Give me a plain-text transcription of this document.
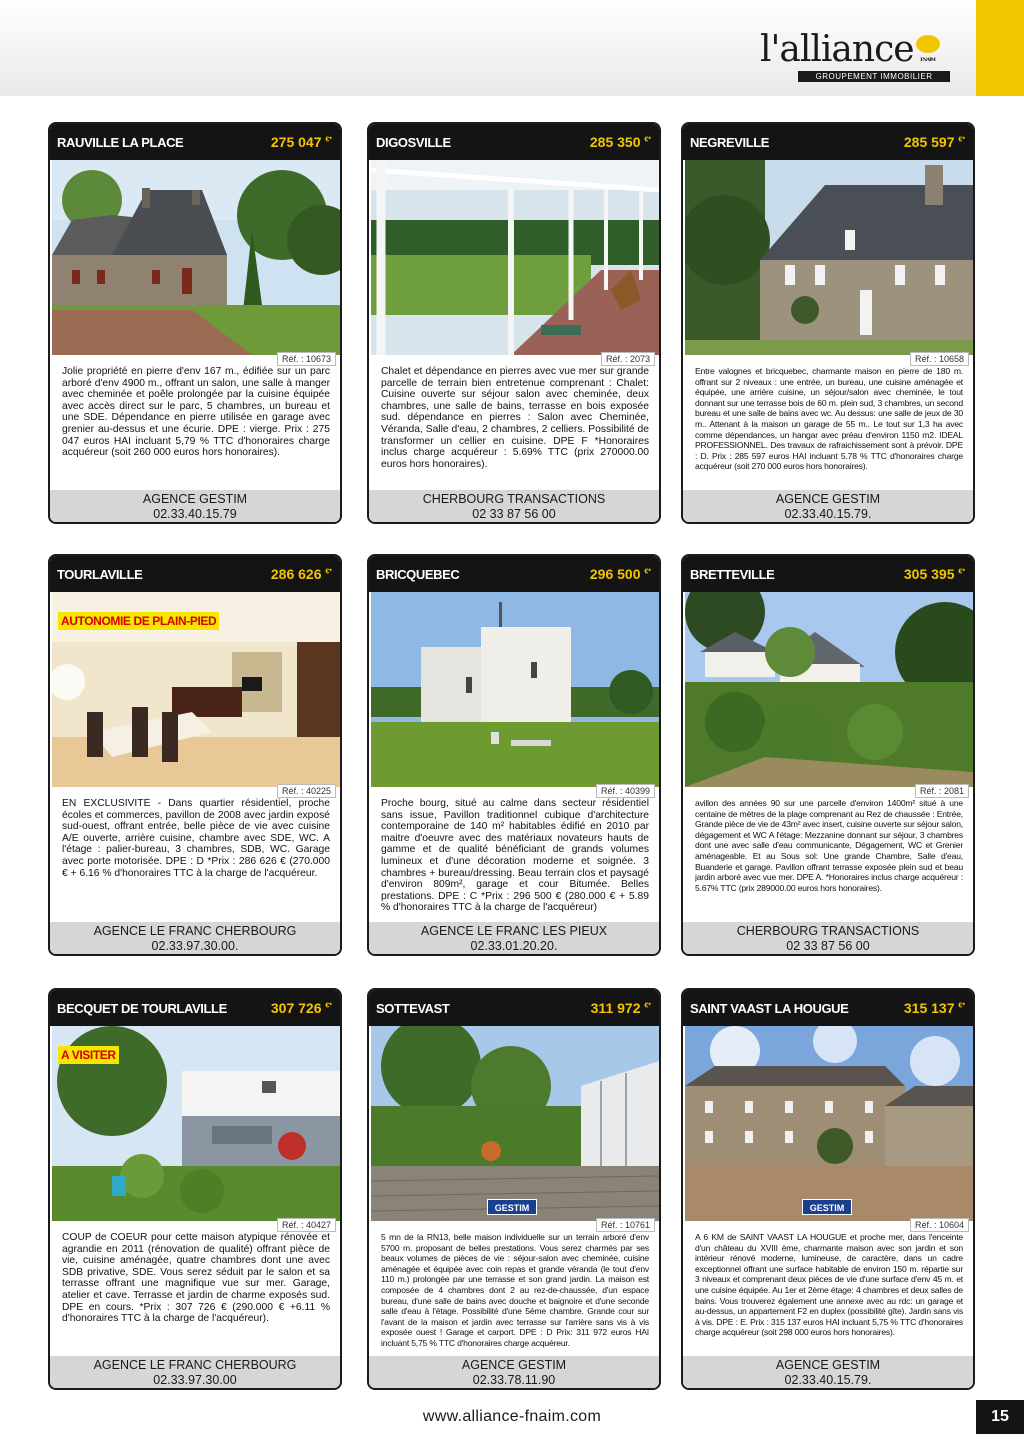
l'alliance	FNAIM
GROUPEMENT IMMOBILIER
RAUVILLE LA PLACE	275 047 €*
Réf. : 10673
Jolie propriété en pierre d'env 167 m., édifiée sur un parc arboré d'env 4900 m., offrant un salon, une salle à manger avec cheminée et poêle prolongée par la cuisine équipée avec accès direct sur le parc, 5 chambres, un bureau et une SDE. Dépendance en pierre utilisée en garage avec grenier au-dessus et une écurie. DPE : vierge. Prix : 275 047 euros HAI incluant 5,79 % TTC d'honoraires charge acquéreur (soit 260 000 euros hors honoraires).
AGENCE GESTIM
02.33.40.15.79
DIGOSVILLE	285 350 €*
Réf. : 2073
Chalet et dépendance en pierres avec vue mer sur grande parcelle de terrain bien entretenue comprenant : Chalet: Cuisine ouverte sur séjour salon avec cheminée, deux chambres, une salle de bains, terrasse en bois exposée sud. dépendance en pierres : Salon avec Cheminée, Véranda, Salle d'eau, 2 chambres, 2 celliers. Possibilité de transformer un cellier en cuisine. DPE F *Honoraires inclus charge acquéreur : 5.69% TTC (prix 270000.00 euros hors honoraires).
CHERBOURG TRANSACTIONS
02 33 87 56 00
NEGREVILLE	285 597 €*
Réf. : 10658
Entre valognes et bricquebec, charmante maison en pierre de 180 m. offrant sur 2 niveaux : une entrée, un bureau, une cuisine aménagée et équipée, une arrière cuisine, un séjour/salon avec cheminée, le tout donnant sur une terrasse bois de 60 m. plein sud, 3 chambres, un second bureau et une salle de bains avec wc. Au dessus: une salle de jeux de 30 m.. Attenant à la maison un garage de 55 m.. Le tout sur 1,3 ha avec comme dépendances, un hangar avec préau d'environ 1150 m2. IDEAL PROFESSIONNEL. Des travaux de rafraichissement sont à prévoir. DPE : D. Prix : 285 597 euros HAI incluant 5.78 % TTC d'honoraires charge acquéreur (soit 270 000 euros hors honoraires).
AGENCE GESTIM
02.33.40.15.79.
TOURLAVILLE	286 626 €*
AUTONOMIE DE PLAIN-PIED
Réf. : 40225
EN EXCLUSIVITÉ - Dans quartier résidentiel, proche écoles et commerces, pavillon de 2008 avec jardin exposé sud-ouest, offrant entrée, belle pièce de vie avec cuisine A/E ouverte, arrière cuisine, chambre avec SDE, WC. A l'étage : palier-bureau, 3 chambres, SDB, WC. Garage avec porte motorisée. DPE : D *Prix : 286 626 € (270.000 € + 6.16 % d'honoraires TTC à la charge de l'acquéreur.
AGENCE LE FRANC CHERBOURG
02.33.97.30.00.
BRICQUEBEC	296 500 €*
Réf. : 40399
Proche bourg, situé au calme dans secteur résidentiel sans issue, Pavillon traditionnel cubique d'architecture contemporaine de 140 m² habitables édifié en 2010 par maitre d'oeuvre avec des matériaux novateurs hauts de gamme et de qualité bénéficiant de grands volumes lumineux et d'une décoration moderne et soignée. 3 chambres + bureau/dressing. Beau terrain clos et paysagé d'environ 809m², garage et cour Bitumée. Belles prestations. DPE : C *Prix : 296 500 € (280.000 € + 5.89 % d'honoraires TTC à la charge de l'acquéreur)
AGENCE LE FRANC LES PIEUX
02.33.01.20.20.
BRETTEVILLE	305 395 €*
Réf. : 2081
avillon des années 90 sur une parcelle d'environ 1400m² situé à une centaine de mètres de la plage comprenant au Rez de chaussée : Entrée, Grande pièce de vie de 43m² avec insert, cuisine ouverte sur séjour salon, dégagement et WC A l'étage: Mezzanine donnant sur séjour, 3 chambres dont une avec salle d'eau communicante, Dégagement, WC et Grenier aménageable. Et au Sous sol: Une grande Chambre, Salle d'eau, Buanderie et garage. Pavillon offrant terrasse exposée plein sud et beau jardin arboré avec vue mer. DPE A. *Honoraires inclus charge acquéreur : 5.67% TTC (prix 289000.00 euros hors honoraires).
CHERBOURG TRANSACTIONS
02 33 87 56 00
BECQUET DE TOURLAVILLE	307 726 €*
A VISITER
Réf. : 40427
COUP de COEUR pour cette maison atypique rénovée et agrandie en 2011 (rénovation de qualité) offrant pièce de vie, cuisine aménagée, quatre chambres dont une avec SDB privative, SDE. Vous serez séduit par le salon et sa terrasse offrant une magnifique vue sur mer. Garage, atelier et cave. Terrasse et jardin de charme exposés sud. DPE en cours. *Prix : 307 726 € (290.000 € +6.11 % d'honoraires TTC à la charge de l'acquéreur).
AGENCE LE FRANC CHERBOURG
02.33.97.30.00
SOTTEVAST	311 972 €*
GESTIM
Réf. : 10761
5 mn de la RN13, belle maison individuelle sur un terrain arboré d'env 5700 m. proposant de belles prestations. Vous serez charmés par ses beaux volumes de pièces de vie : séjour-salon avec cheminée, cuisine aménagée et équipée avec coin repas et grande véranda (le tout d'env 110 m.) prolongée par une terrasse et son grand jardin. La maison est composée de 4 chambres dont 2 au rez-de-chaussée, d'un espace bureau, d'une salle de bains avec douche et baignoire et d'une seconde salle d'eau à l'étage. Possibilité d'une 5ème chambre. Grande cour sur l'avant de la maison et jardin avec terrasse sur l'arrière sans vis à vis exposée ouest ! Garage et carport. DPE : D Prix: 311 972 euros HAI incluant 5,75 % TTC d'honoraires charge acquéreur.
AGENCE GESTIM
02.33.78.11.90
SAINT VAAST LA HOUGUE	315 137 €*
GESTIM
Réf. : 10604
A 6 KM de SAINT VAAST LA HOUGUE et proche mer, dans l'enceinte d'un château du XVIII ème, charmante maison avec son jardin et son intérieur rénové moderne, lumineuse, de caractère, dans un cadre exceptionnel offrant une surface habitable de environ 150 m. répartie sur 3 niveaux et comprenant deux pièces de vie d'une surface d'env 45 m. et une cuisine équipée. Au 1er et 2ème étage: 4 chambres et deux salles de bains. Vous trouverez également une annexe avec au rdc: un garage et au-dessus, un appartement F2 en duplex (possibilité gîte). Jardin sans vis à vis. DPE : E. Prix : 315 137 euros HAI incluant 5,75 % TTC d'honoraires charge acquéreur (soit 298 000 euros hors honoraires).
AGENCE GESTIM
02.33.40.15.79.
www.alliance-fnaim.com	15
